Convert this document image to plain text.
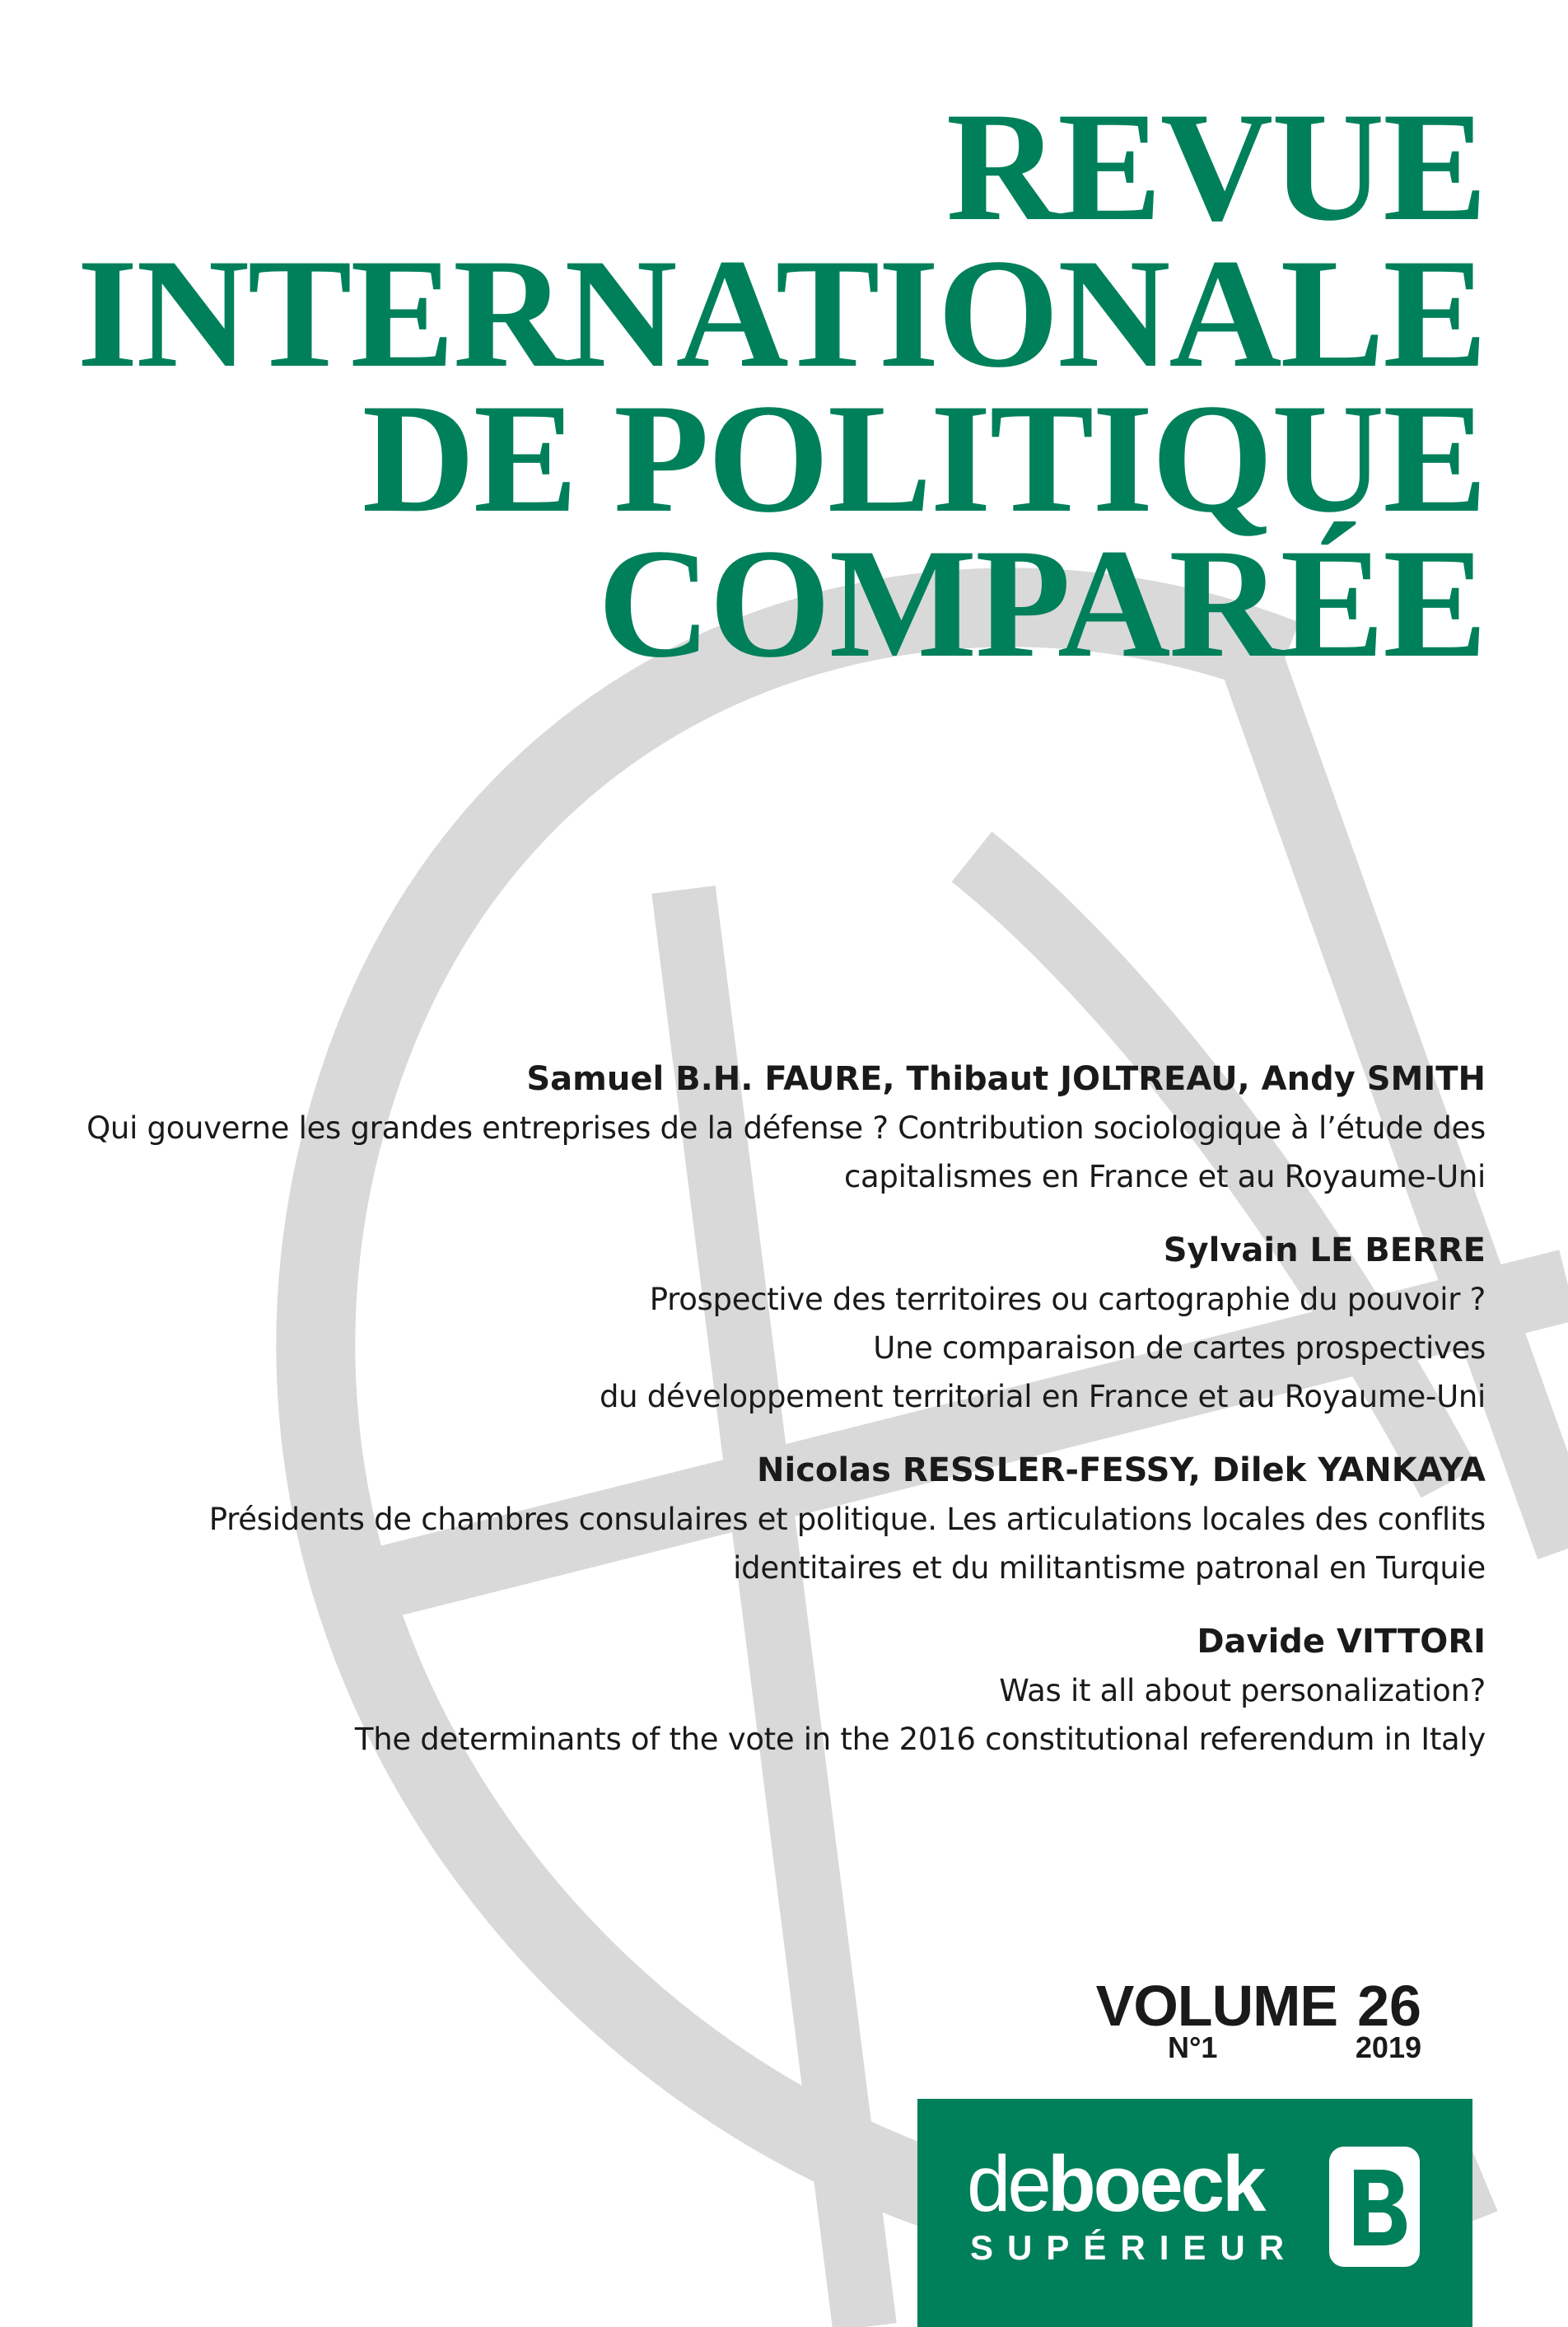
REVUE
INTERNATIONALE
DE POLITIQUE
COMPARÉE
Samuel B.H. FAURE, Thibaut JOLTREAU, Andy SMITH
Qui gouverne les grandes entreprises de la défense ? Contribution sociologique à l’étude des
capitalismes en France et au Royaume-Uni
Sylvain LE BERRE
Prospective des territoires ou cartographie du pouvoir ?
Une comparaison de cartes prospectives
du développement territorial en France et au Royaume-Uni
Nicolas RESSLER-FESSY, Dilek YANKAYA
Présidents de chambres consulaires et politique. Les articulations locales des conflits
identitaires et du militantisme patronal en Turquie
Davide VITTORI
Was it all about personalization?
The determinants of the vote in the 2016 constitutional referendum in Italy
VOLUME 26
N°1	2019
de boeck
SUPÉRIEUR
